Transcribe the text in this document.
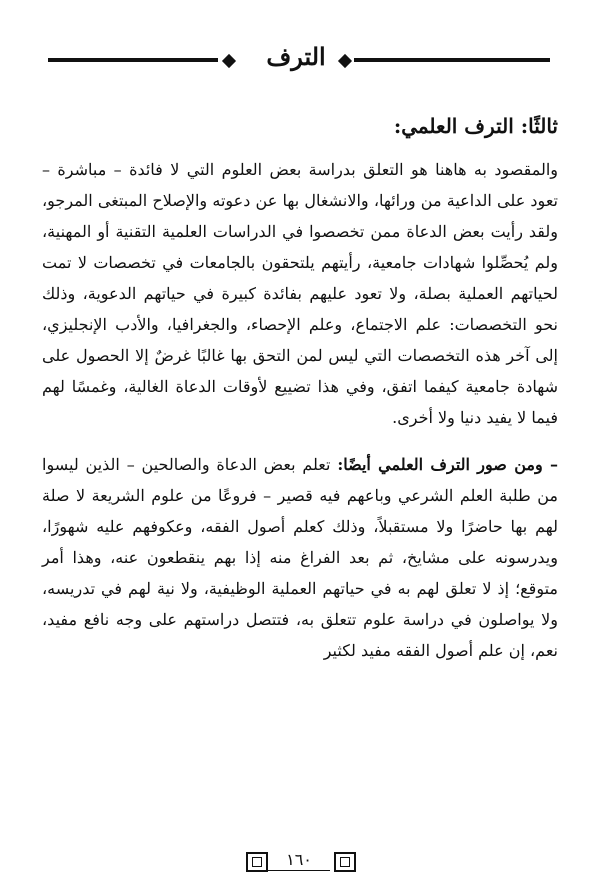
الترف
ثالثًا: الترف العلمي:

والمقصود به هاهنا هو التعلق بدراسة بعض العلوم التي لا فائدة – مباشرة – تعود على الداعية من ورائها، والانشغال بها عن دعوته والإصلاح المبتغى المرجو، ولقد رأيت بعض الدعاة ممن تخصصوا في الدراسات العلمية التقنية أو المهنية، ولم يُحصِّلوا شهادات جامعية، رأيتهم يلتحقون بالجامعات في تخصصات لا تمت لحياتهم العملية بصلة، ولا تعود عليهم بفائدة كبيرة في حياتهم الدعوية، وذلك نحو التخصصات: علم الاجتماع، وعلم الإحصاء، والجغرافيا، والأدب الإنجليزي، إلى آخر هذه التخصصات التي ليس لمن التحق بها غالبًا غرضٌ إلا الحصول على شهادة جامعية كيفما اتفق، وفي هذا تضييع لأوقات الدعاة الغالية، وغمسًا لهم فيما لا يفيد دنيا ولا أخرى.

– ومن صور الترف العلمي أيضًا: تعلم بعض الدعاة والصالحين – الذين ليسوا من طلبة العلم الشرعي وباعهم فيه قصير – فروعًا من علوم الشريعة لا صلة لهم بها حاضرًا ولا مستقبلاً، وذلك كعلم أصول الفقه، وعكوفهم عليه شهورًا، ويدرسونه على مشايخ، ثم بعد الفراغ منه إذا بهم ينقطعون عنه، وهذا أمر متوقع؛ إذ لا تعلق لهم به في حياتهم العملية الوظيفية، ولا نية لهم في تدريسه، ولا يواصلون في دراسة علوم تتعلق به، فتتصل دراستهم على وجه نافع مفيد، نعم، إن علم أصول الفقه مفيد لكثير

١٦٠
